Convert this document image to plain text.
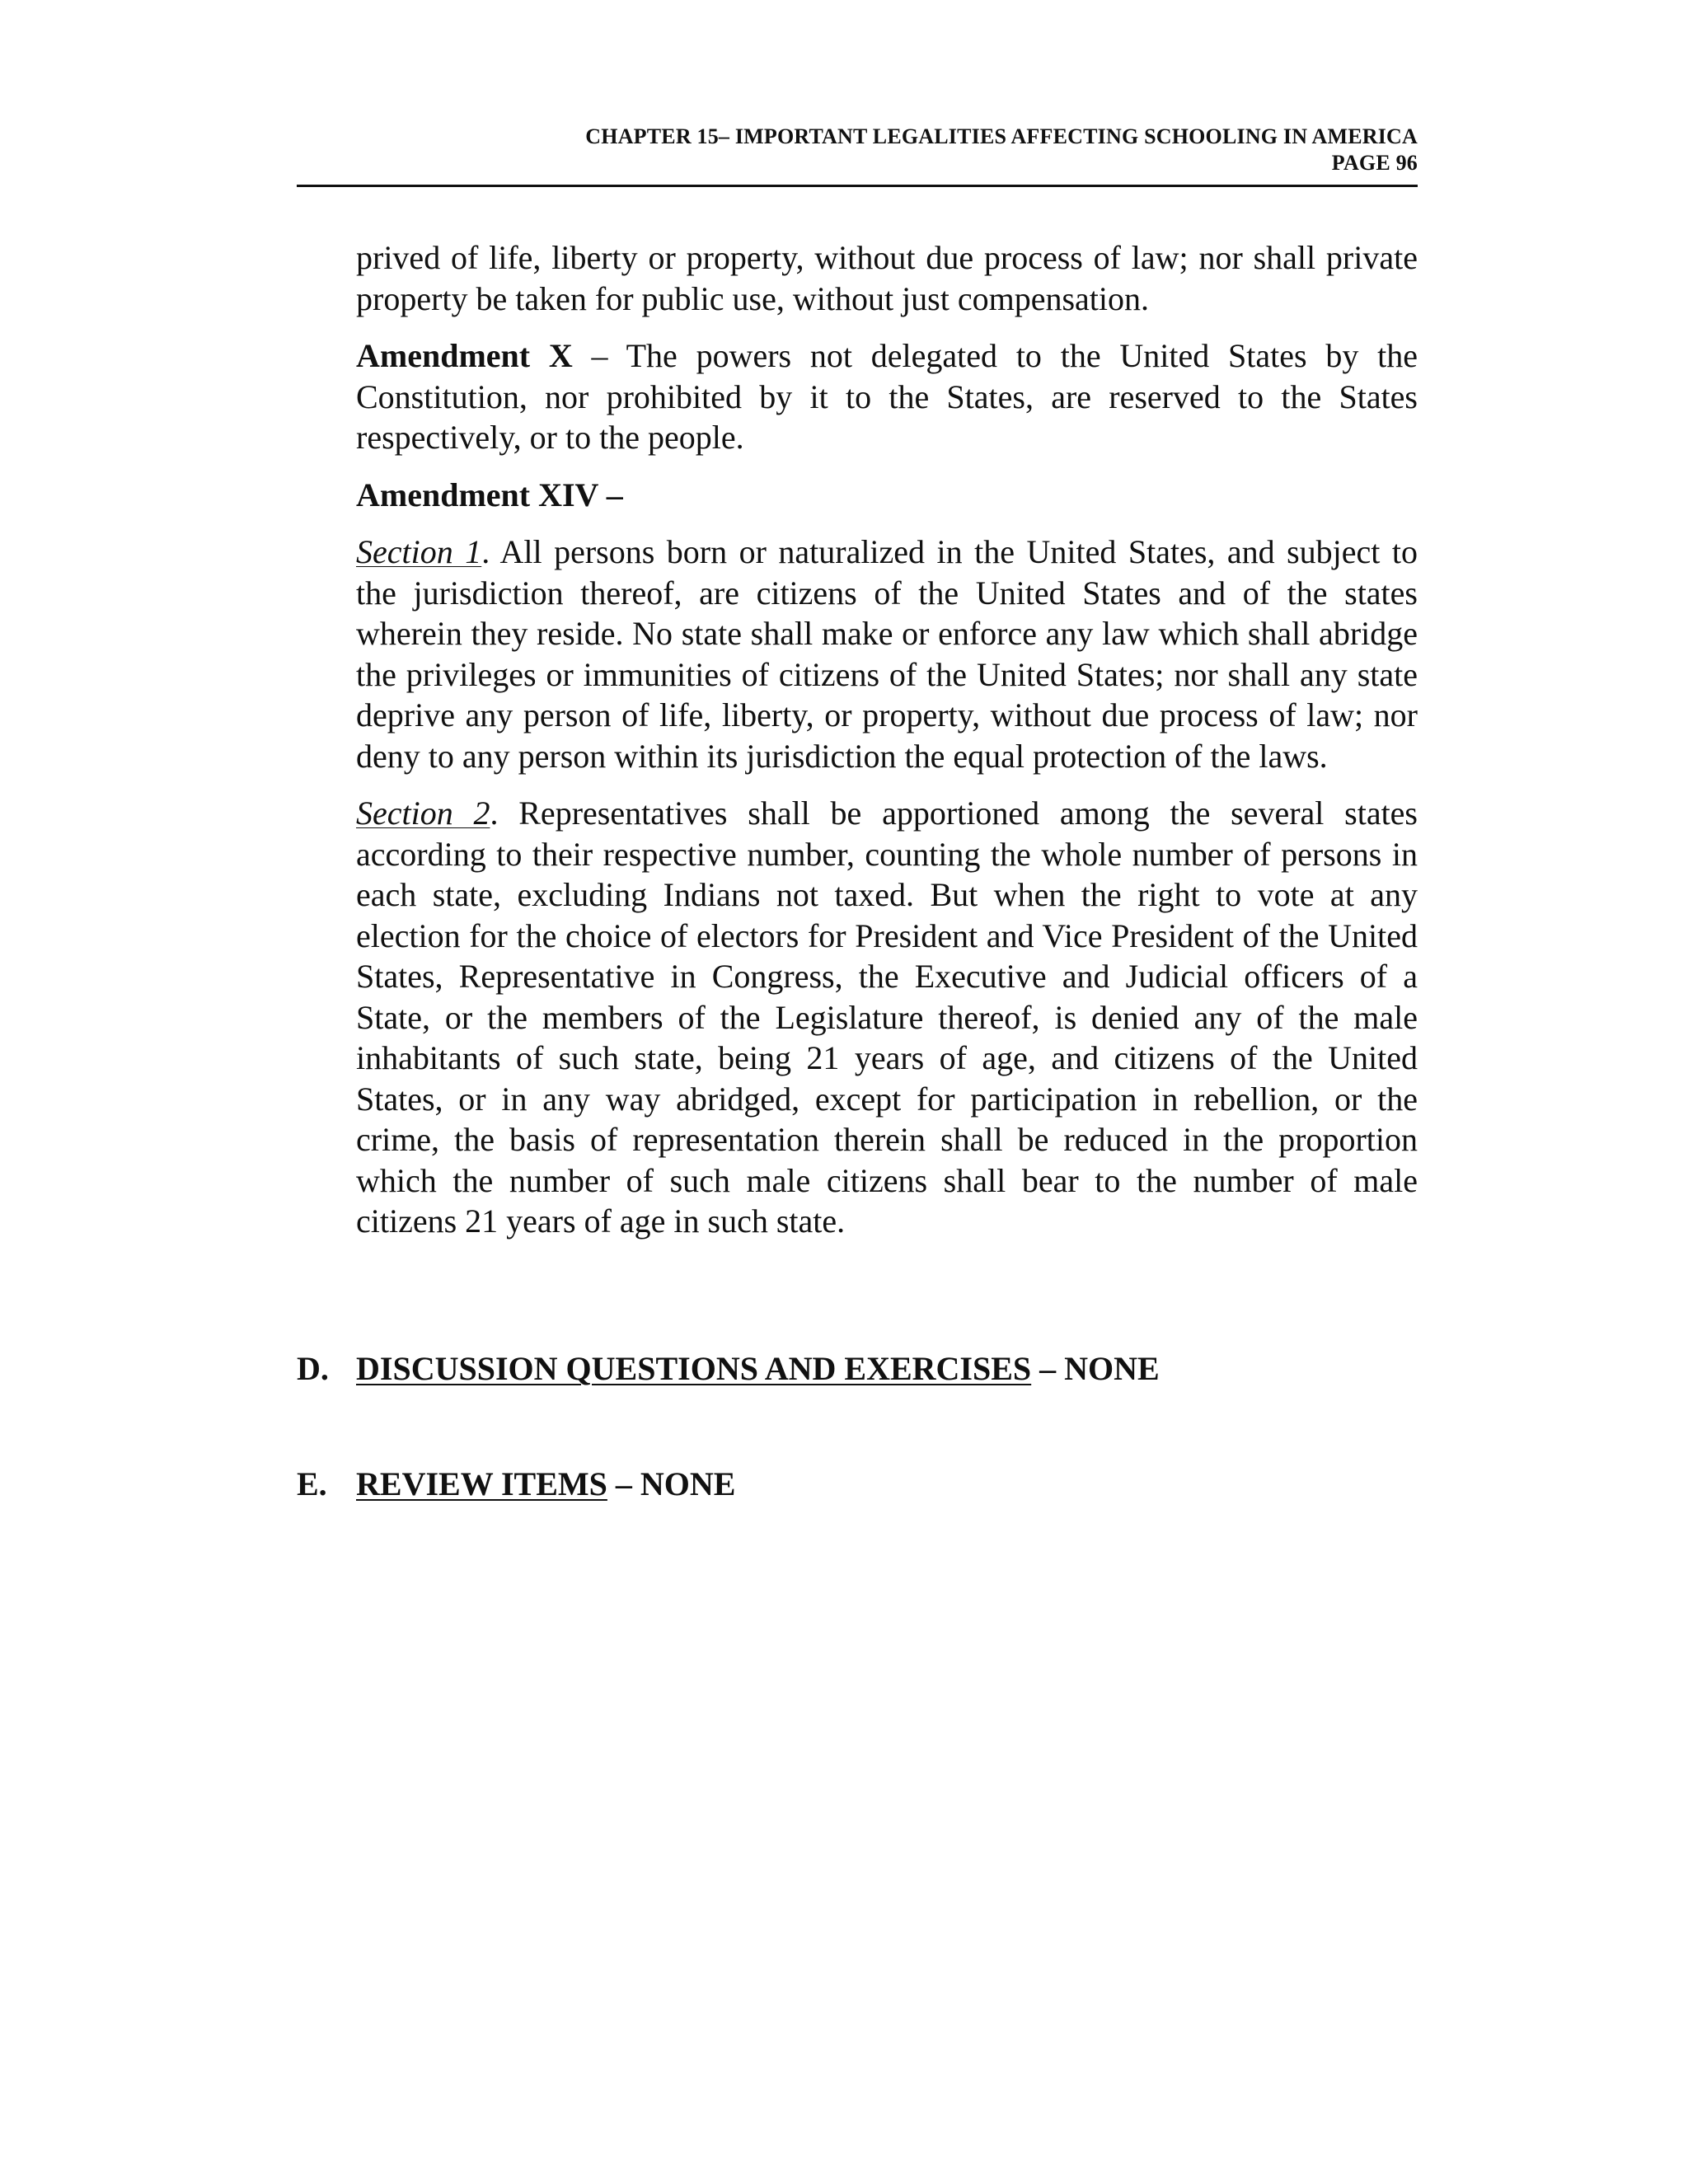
CHAPTER 15– IMPORTANT LEGALITIES AFFECTING SCHOOLING IN AMERICA
PAGE 96

prived of life, liberty or property, without due process of law; nor shall private property be taken for public use, without just compensation.

Amendment X – The powers not delegated to the United States by the Constitution, nor prohibited by it to the States, are reserved to the States respectively, or to the people.

Amendment XIV –

Section 1. All persons born or naturalized in the United States, and subject to the jurisdiction thereof, are citizens of the United States and of the states wherein they reside. No state shall make or enforce any law which shall abridge the privileges or immunities of citizens of the United States; nor shall any state deprive any person of life, liberty, or property, without due process of law; nor deny to any person within its jurisdiction the equal protection of the laws.

Section 2. Representatives shall be apportioned among the several states according to their respective number, counting the whole number of persons in each state, excluding Indians not taxed. But when the right to vote at any election for the choice of electors for President and Vice President of the United States, Representative in Congress, the Executive and Judicial officers of a State, or the members of the Legislature thereof, is denied any of the male inhabitants of such state, being 21 years of age, and citizens of the United States, or in any way abridged, except for participation in rebellion, or the crime, the basis of representation therein shall be reduced in the proportion which the number of such male citizens shall bear to the number of male citizens 21 years of age in such state.

D. DISCUSSION QUESTIONS AND EXERCISES – NONE
E. REVIEW ITEMS – NONE
